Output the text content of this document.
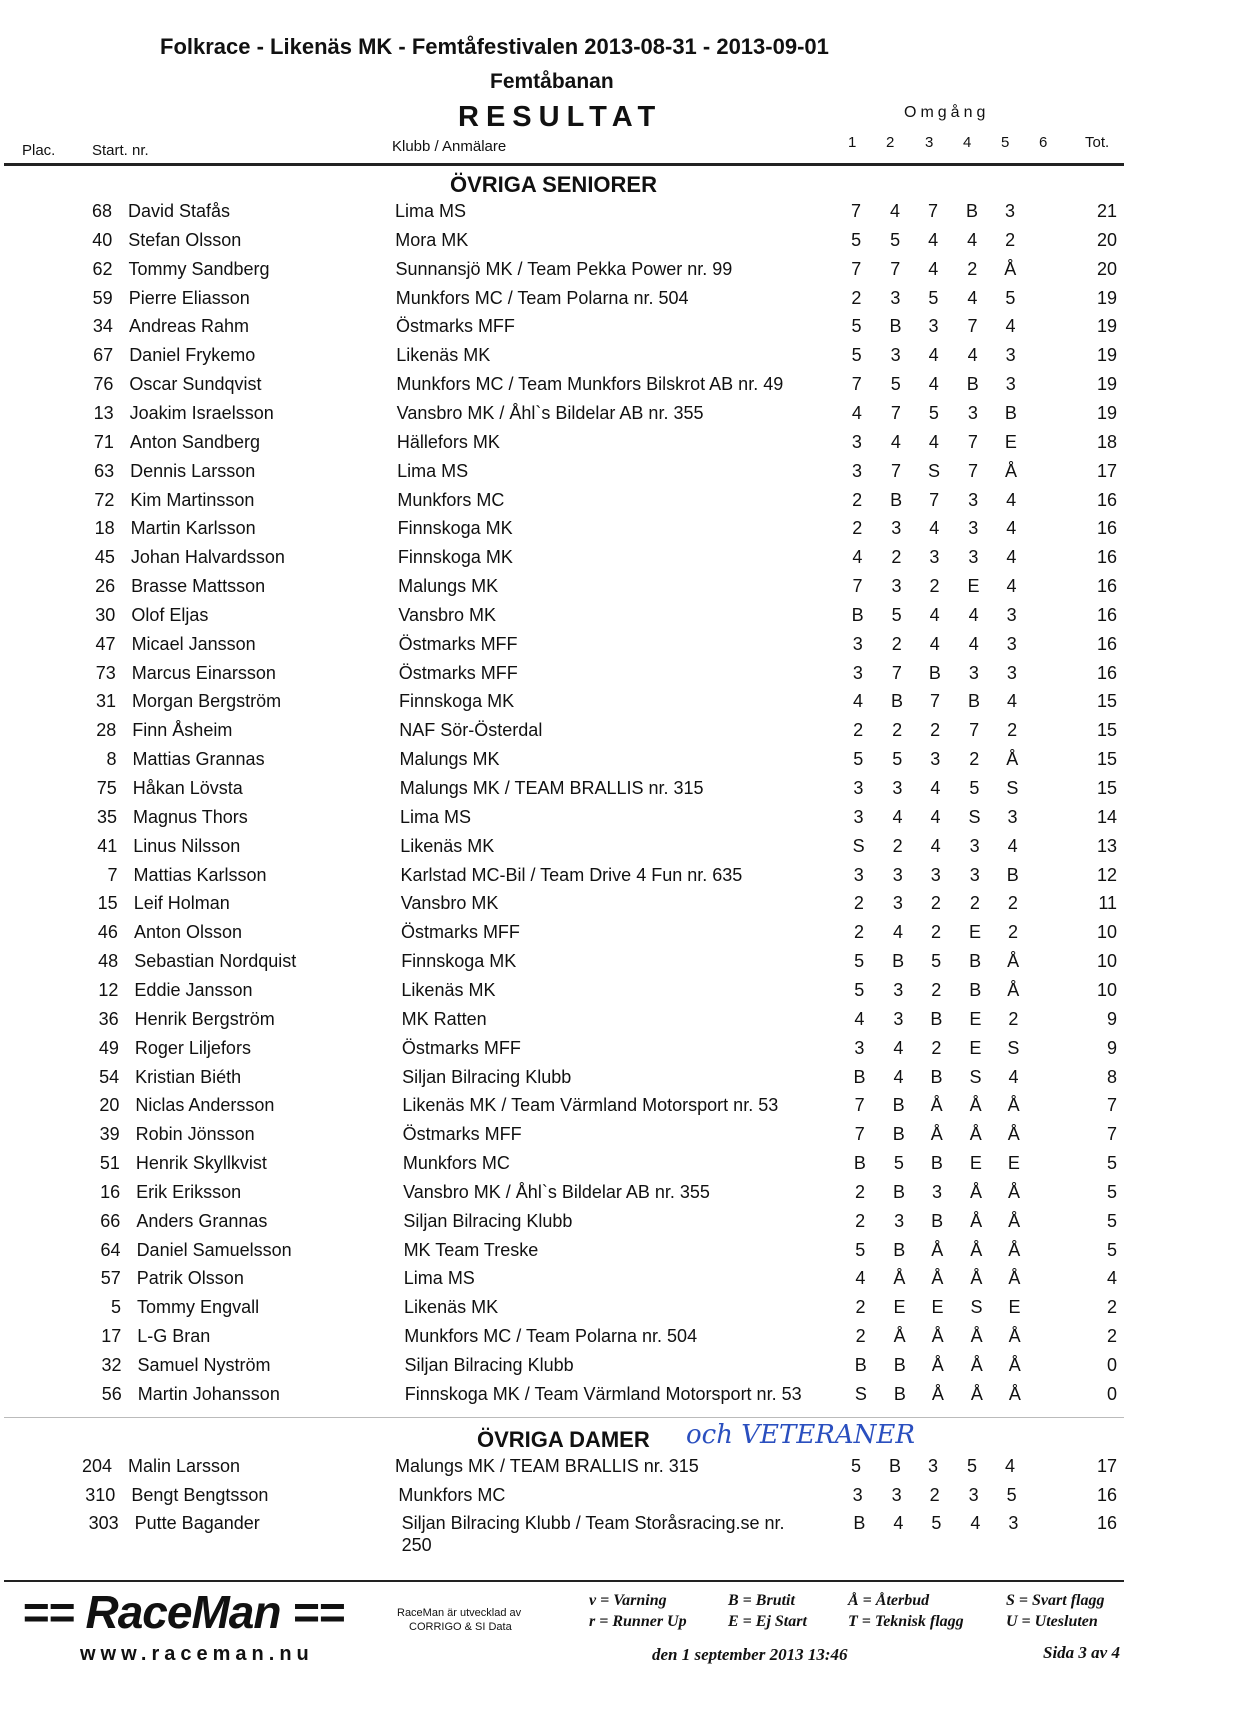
Folkrace - Likenäs MK - Femtåfestivalen 2013-08-31 - 2013-09-01
Femtåbanan
RESULTAT	Omgång
Plac. Start. nr.	Klubb / Anmälare	1 2 3 4 5 6	Tot.
ÖVRIGA SENIORER
68 David Stafås	Lima MS	7 4 7 B 3	21
40 Stefan Olsson	Mora MK	5 5 4 4 2	20
62 Tommy Sandberg	Sunnansjö MK / Team Pekka Power nr. 99	7 7 4 2 Å	20
59 Pierre Eliasson	Munkfors MC / Team Polarna nr. 504	2 3 5 4 5	19
34 Andreas Rahm	Östmarks MFF	5 B 3 7 4	19
67 Daniel Frykemo	Likenäs MK	5 3 4 4 3	19
76 Oscar Sundqvist	Munkfors MC / Team Munkfors Bilskrot AB nr. 49	7 5 4 B 3	19
13 Joakim Israelsson	Vansbro MK / Åhl`s Bildelar AB nr. 355	4 7 5 3 B	19
71 Anton Sandberg	Hällefors MK	3 4 4 7 E	18
63 Dennis Larsson	Lima MS	3 7 S 7 Å	17
72 Kim Martinsson	Munkfors MC	2 B 7 3 4	16
18 Martin Karlsson	Finnskoga MK	2 3 4 3 4	16
45 Johan Halvardsson	Finnskoga MK	4 2 3 3 4	16
26 Brasse Mattsson	Malungs MK	7 3 2 E 4	16
30 Olof Eljas	Vansbro MK	B 5 4 4 3	16
47 Micael Jansson	Östmarks MFF	3 2 4 4 3	16
73 Marcus Einarsson	Östmarks MFF	3 7 B 3 3	16
31 Morgan Bergström	Finnskoga MK	4 B 7 B 4	15
28 Finn Åsheim	NAF Sör-Österdal	2 2 2 7 2	15
8 Mattias Grannas	Malungs MK	5 5 3 2 Å	15
75 Håkan Lövsta	Malungs MK / TEAM BRALLIS nr. 315	3 3 4 5 S	15
35 Magnus Thors	Lima MS	3 4 4 S 3	14
41 Linus Nilsson	Likenäs MK	S 2 4 3 4	13
7 Mattias Karlsson	Karlstad MC-Bil / Team Drive 4 Fun nr. 635	3 3 3 3 B	12
15 Leif Holman	Vansbro MK	2 3 2 2 2	11
46 Anton Olsson	Östmarks MFF	2 4 2 E 2	10
48 Sebastian Nordquist	Finnskoga MK	5 B 5 B Å	10
12 Eddie Jansson	Likenäs MK	5 3 2 B Å	10
36 Henrik Bergström	MK Ratten	4 3 B E 2	9
49 Roger Liljefors	Östmarks MFF	3 4 2 E S	9
54 Kristian Biéth	Siljan Bilracing Klubb	B 4 B S 4	8
20 Niclas Andersson	Likenäs MK / Team Värmland Motorsport nr. 53	7 B Å Å Å	7
39 Robin Jönsson	Östmarks MFF	7 B Å Å Å	7
51 Henrik Skyllkvist	Munkfors MC	B 5 B E E	5
16 Erik Eriksson	Vansbro MK / Åhl`s Bildelar AB nr. 355	2 B 3 Å Å	5
66 Anders Grannas	Siljan Bilracing Klubb	2 3 B Å Å	5
64 Daniel Samuelsson	MK Team Treske	5 B Å Å Å	5
57 Patrik Olsson	Lima MS	4 Å Å Å Å	4
5 Tommy Engvall	Likenäs MK	2 E E S E	2
17 L-G Bran	Munkfors MC / Team Polarna nr. 504	2 Å Å Å Å	2
32 Samuel Nyström	Siljan Bilracing Klubb	B B Å Å Å	0
56 Martin Johansson	Finnskoga MK / Team Värmland Motorsport nr. 53	S B Å Å Å	0
ÖVRIGA DAMER och VETERANER
204 Malin Larsson	Malungs MK / TEAM BRALLIS nr. 315	5 B 3 5 4	17
310 Bengt Bengtsson	Munkfors MC	3 3 2 3 5	16
303 Putte Bagander	Siljan Bilracing Klubb / Team Storåsracing.se nr.	B 4 5 4 3	16
250
== RaceMan ==
www.raceman.nu
RaceMan är utvecklad av
CORRIGO & SI Data
v = Varning
r = Runner Up
B = Brutit
E = Ej Start
Å = Återbud
T = Teknisk flagg
S = Svart flagg
U = Utesluten
den 1 september 2013 13:46	Sida 3 av 4
